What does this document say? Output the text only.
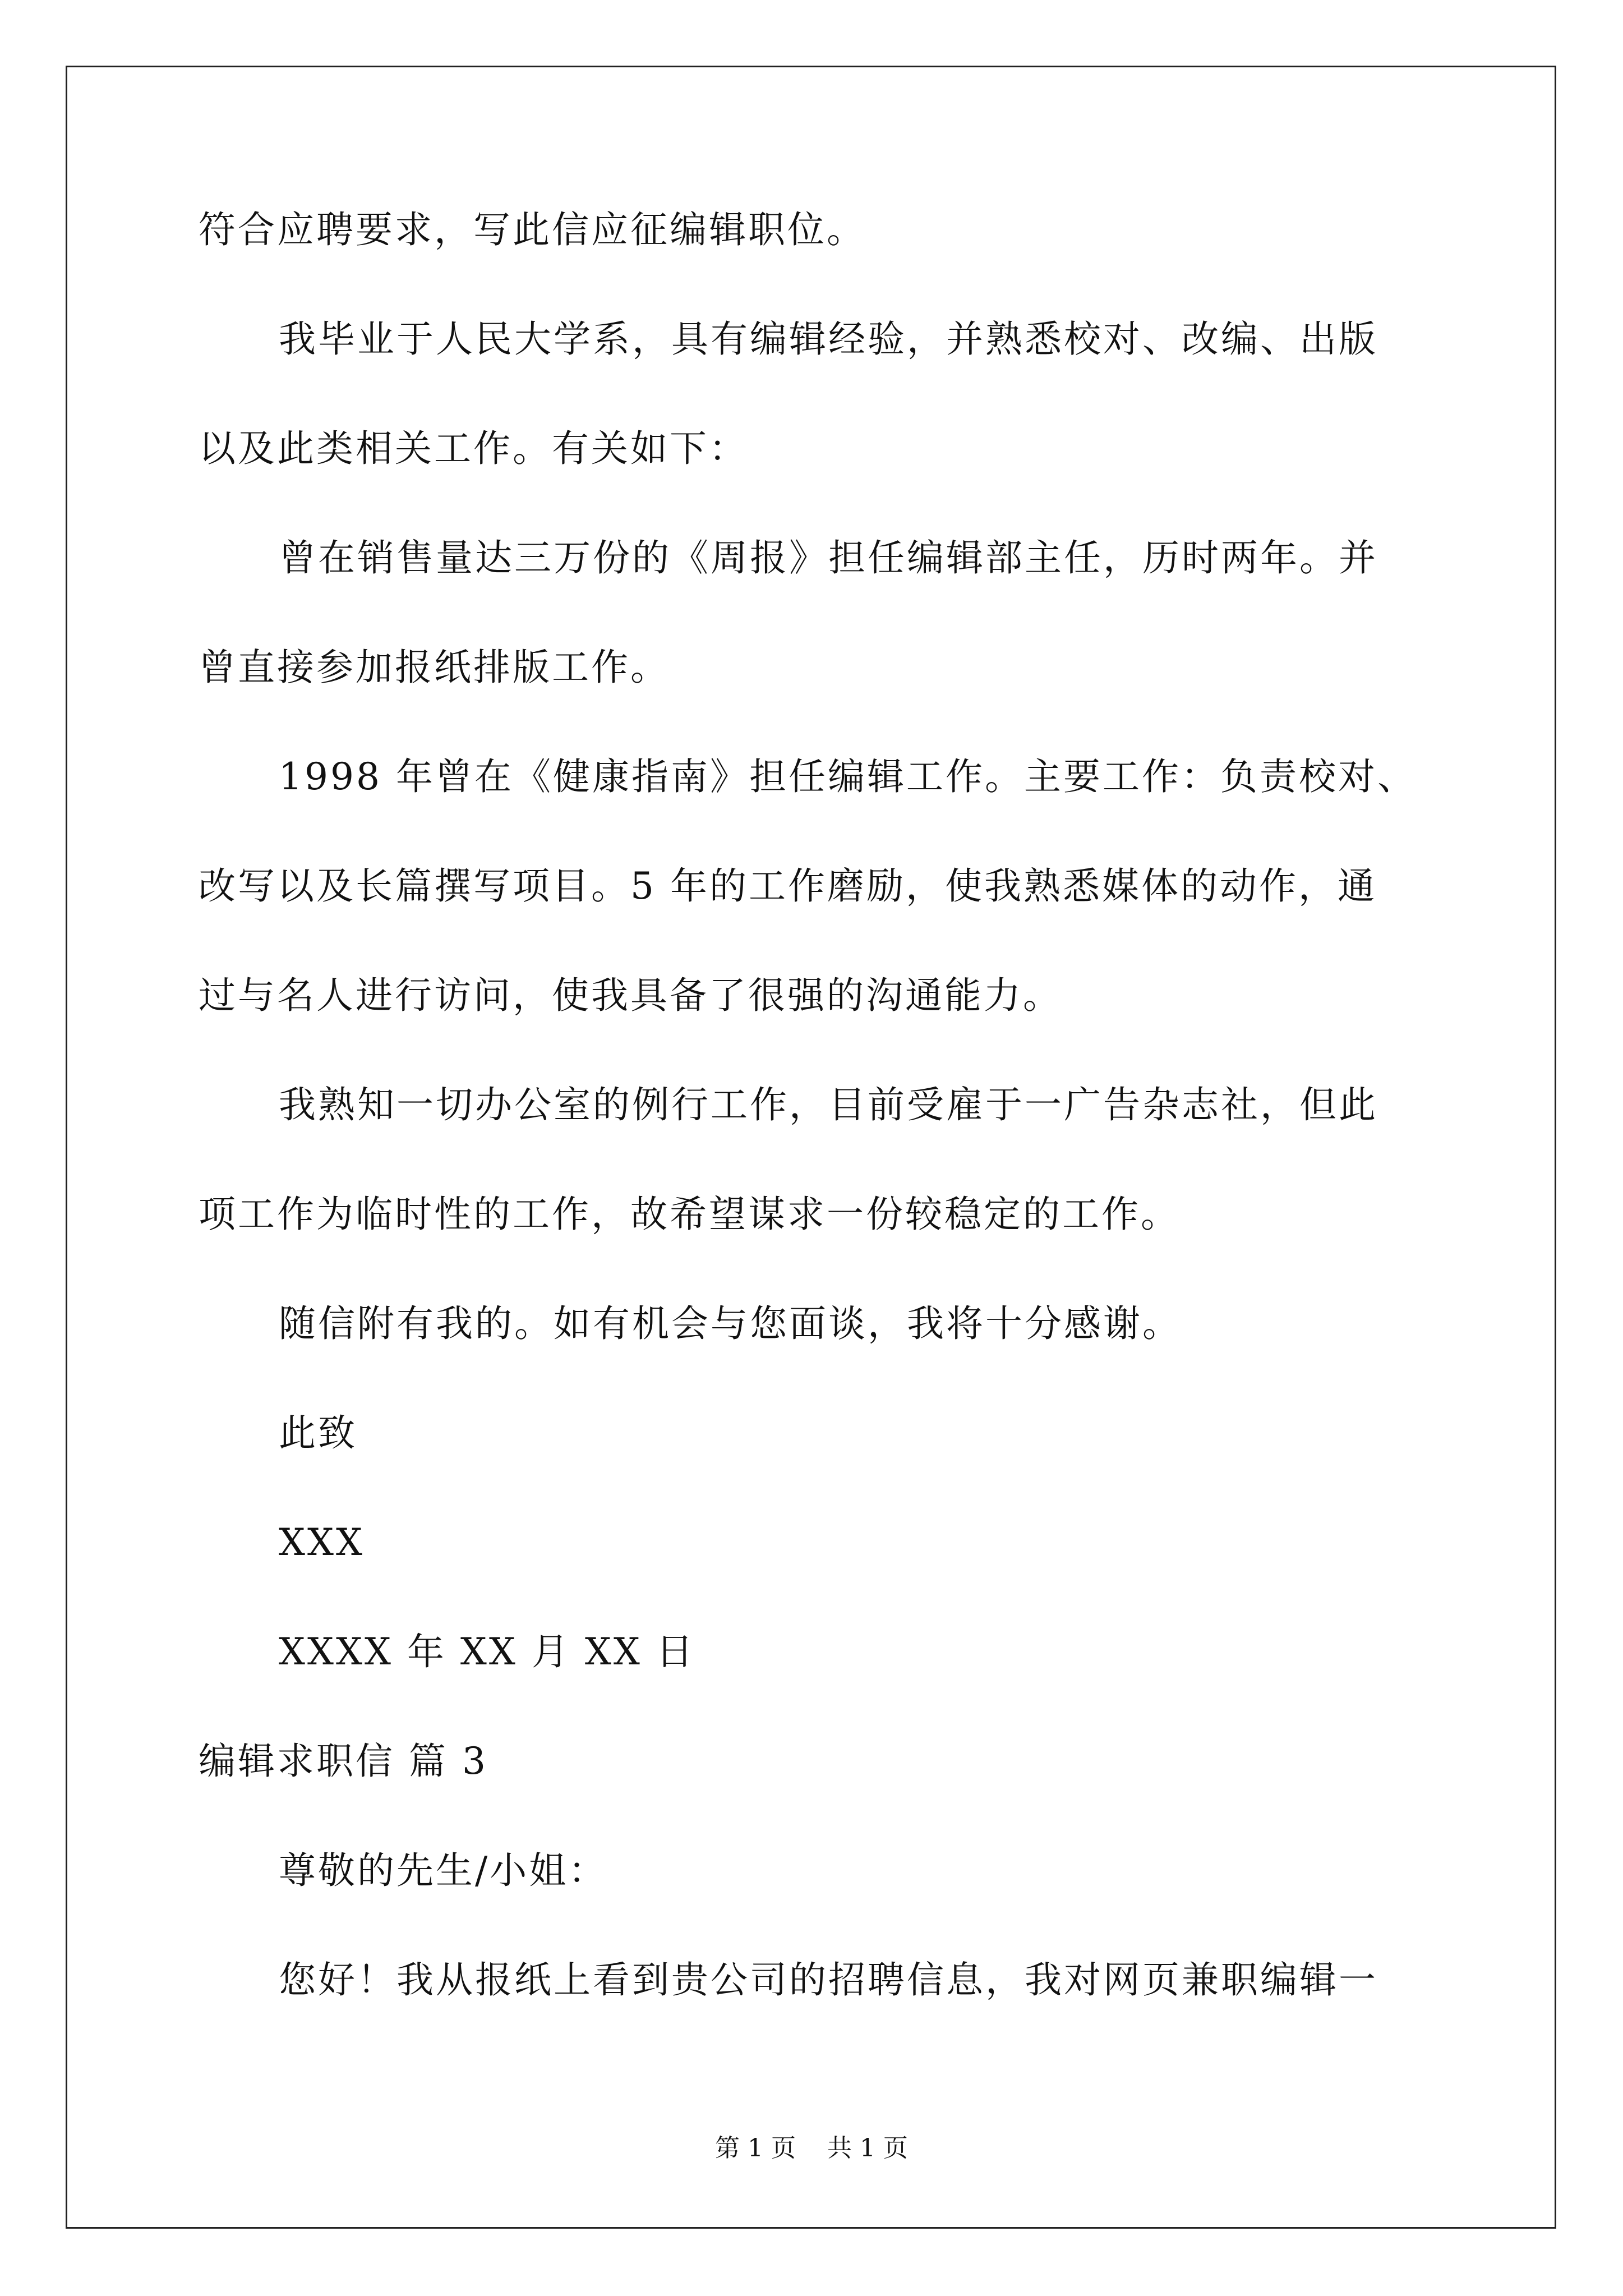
符合应聘要求，写此信应征编辑职位。
我毕业于人民大学系，具有编辑经验，并熟悉校对、改编、出版
以及此类相关工作。有关如下：
曾在销售量达三万份的《周报》担任编辑部主任，历时两年。并
曾直接参加报纸排版工作。
1998 年曾在《健康指南》担任编辑工作。主要工作：负责校对、
改写以及长篇撰写项目。5 年的工作磨励，使我熟悉媒体的动作，通
过与名人进行访问，使我具备了很强的沟通能力。
我熟知一切办公室的例行工作，目前受雇于一广告杂志社，但此
项工作为临时性的工作，故希望谋求一份较稳定的工作。
随信附有我的。如有机会与您面谈，我将十分感谢。
此致
XXX
XXXX 年 XX 月 XX 日
编辑求职信 篇 3
尊敬的先生/小姐：
您好！我从报纸上看到贵公司的招聘信息，我对网页兼职编辑一
第 1 页    共 1 页
